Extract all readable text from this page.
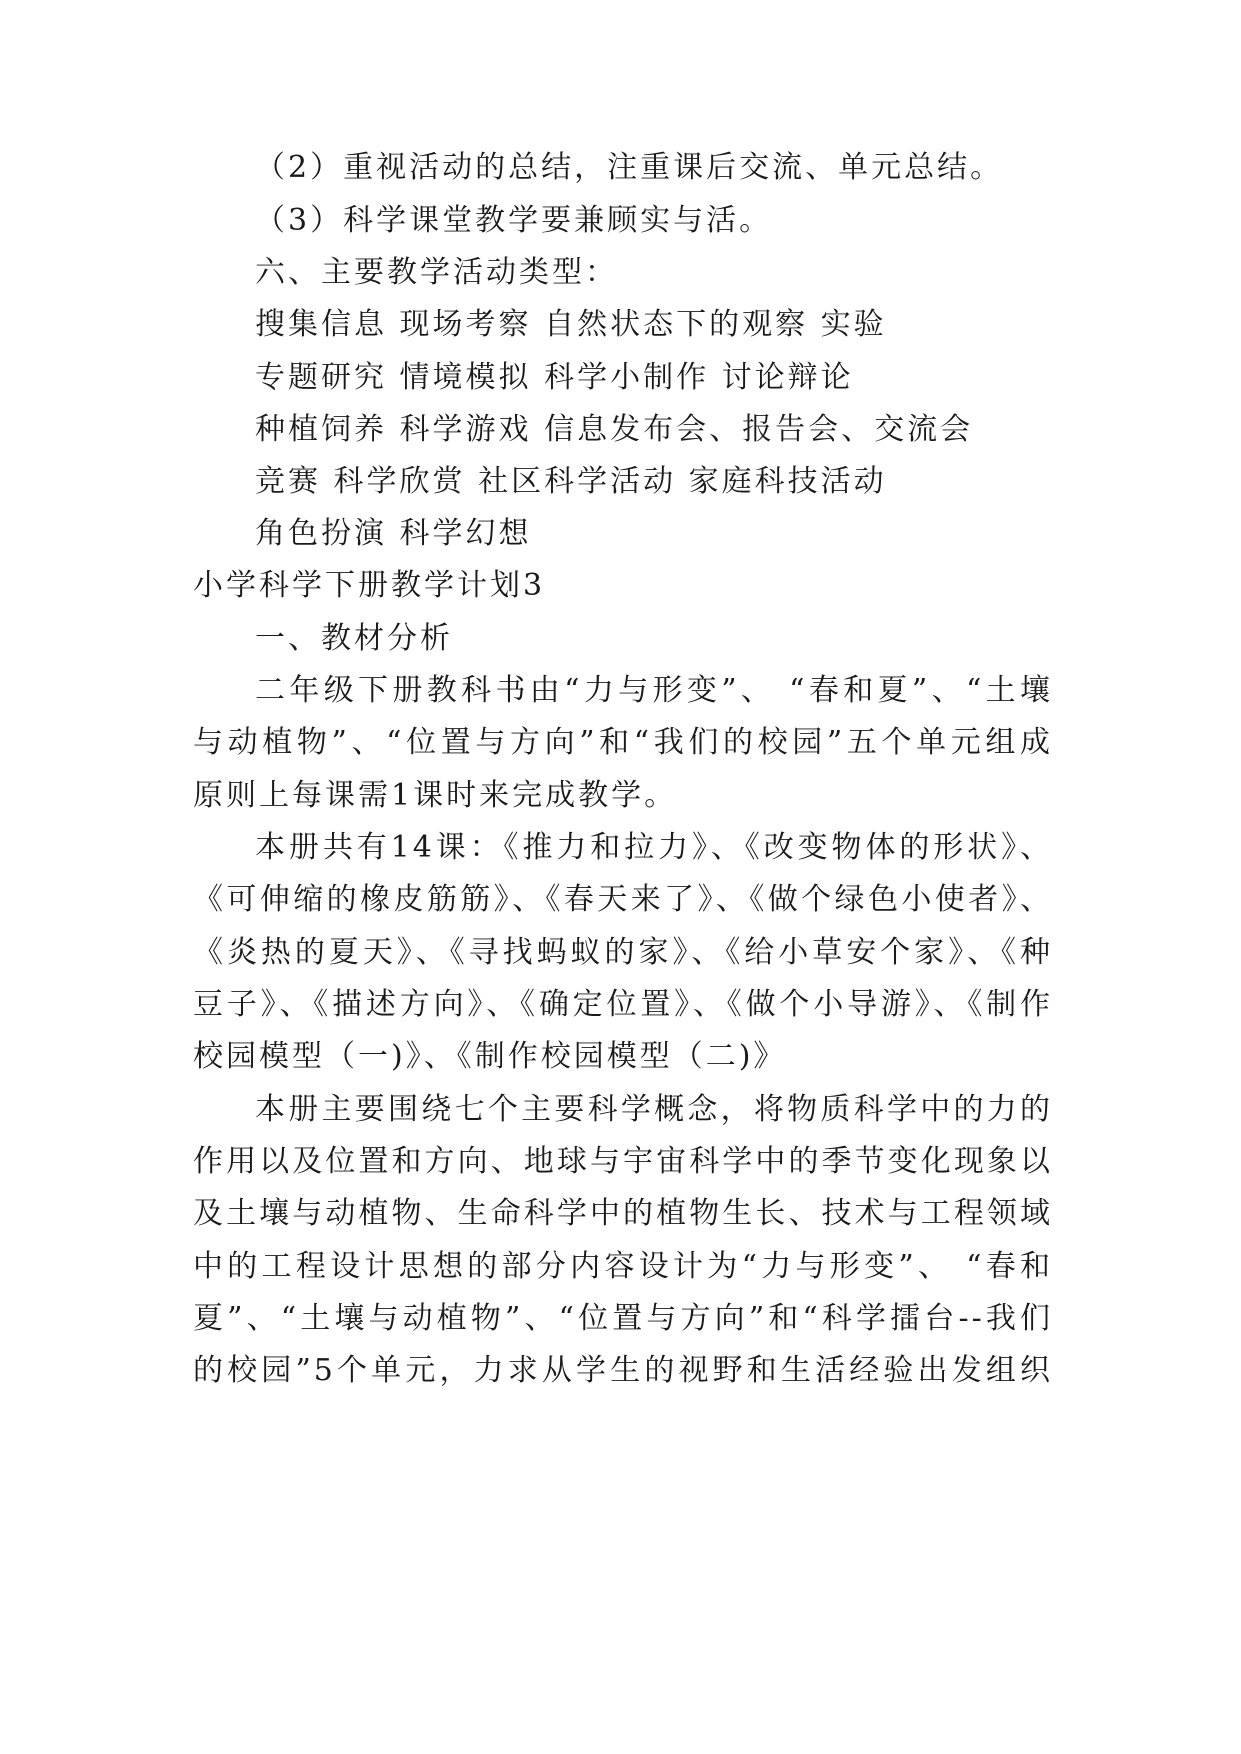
（2）重视活动的总结，注重课后交流、单元总结。
（3）科学课堂教学要兼顾实与活。
六、主要教学活动类型：
搜集信息 现场考察 自然状态下的观察 实验
专题研究 情境模拟 科学小制作 讨论辩论
种植饲养 科学游戏 信息发布会、报告会、交流会
竞赛 科学欣赏 社区科学活动 家庭科技活动
角色扮演 科学幻想
小学科学下册教学计划3
一、教材分析
二年级下册教科书由“力与形变”、 “春和夏”、“土壤
与动植物”、“位置与方向”和“我们的校园”五个单元组成
原则上每课需1课时来完成教学。
本册共有14课：《推力和拉力》、《改变物体的形状》、
《可伸缩的橡皮筋筋》、《春天来了》、《做个绿色小使者》、
《炎热的夏天》、《寻找蚂蚁的家》、《给小草安个家》、《种
豆子》、《描述方向》、《确定位置》、《做个小导游》、《制作
校园模型（一)》、《制作校园模型（二)》
本册主要围绕七个主要科学概念，将物质科学中的力的
作用以及位置和方向、地球与宇宙科学中的季节变化现象以
及土壤与动植物、生命科学中的植物生长、技术与工程领域
中的工程设计思想的部分内容设计为“力与形变”、 “春和
夏”、“土壤与动植物”、“位置与方向”和“科学擂台--我们
的校园”5个单元，力求从学生的视野和生活经验出发组织
